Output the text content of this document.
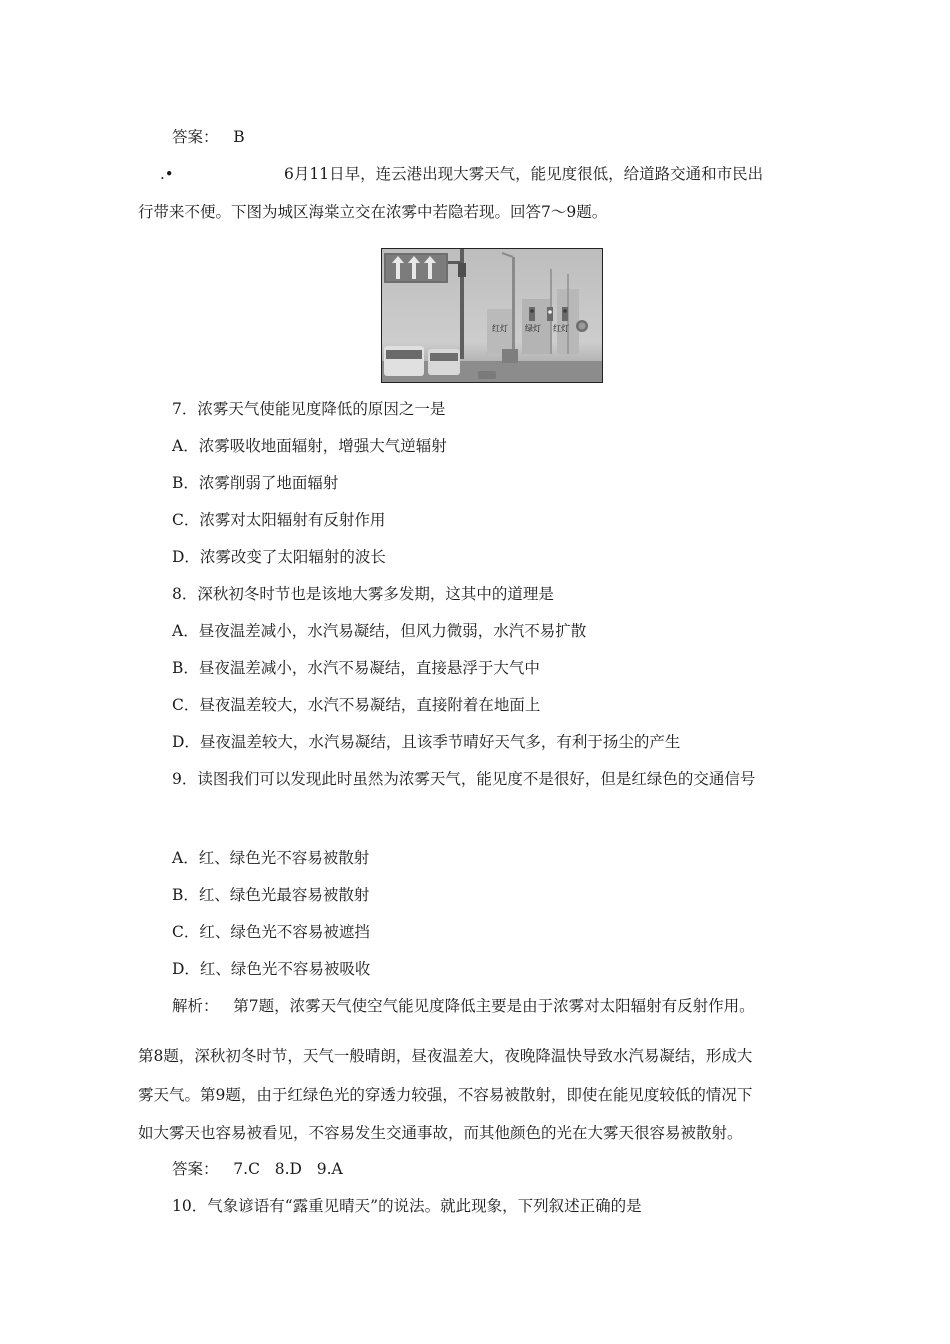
答案：   B
.•	6月11日早，连云港出现大雾天气，能见度很低，给道路交通和市民出
行带来不便。下图为城区海棠立交在浓雾中若隐若现。回答7～9题。
红灯 绿灯 红灯
7．浓雾天气使能见度降低的原因之一是
A．浓雾吸收地面辐射，增强大气逆辐射
B．浓雾削弱了地面辐射
C．浓雾对太阳辐射有反射作用
D．浓雾改变了太阳辐射的波长
8．深秋初冬时节也是该地大雾多发期，这其中的道理是
A．昼夜温差减小，水汽易凝结，但风力微弱，水汽不易扩散
B．昼夜温差减小，水汽不易凝结，直接悬浮于大气中
C．昼夜温差较大，水汽不易凝结，直接附着在地面上
D．昼夜温差较大，水汽易凝结，且该季节晴好天气多，有利于扬尘的产生
9．读图我们可以发现此时虽然为浓雾天气，能见度不是很好，但是红绿色的交通信号
A．红、绿色光不容易被散射
B．红、绿色光最容易被散射
C．红、绿色光不容易被遮挡
D．红、绿色光不容易被吸收
解析：   第7题，浓雾天气使空气能见度降低主要是由于浓雾对太阳辐射有反射作用。
第8题，深秋初冬时节，天气一般晴朗，昼夜温差大，夜晚降温快导致水汽易凝结，形成大
雾天气。第9题，由于红绿色光的穿透力较强，不容易被散射，即使在能见度较低的情况下
如大雾天也容易被看见，不容易发生交通事故，而其他颜色的光在大雾天很容易被散射。
答案：   7.C   8.D   9.A
10．气象谚语有“露重见晴天”的说法。就此现象，下列叙述正确的是
